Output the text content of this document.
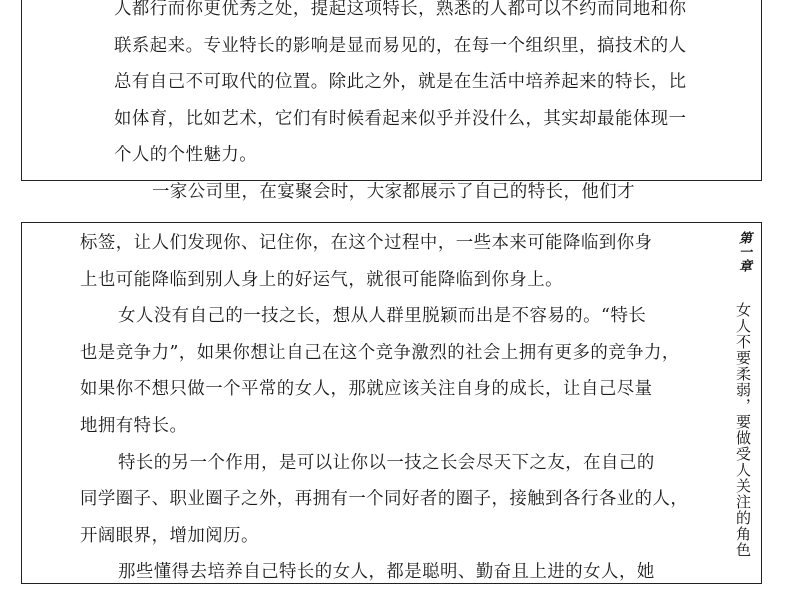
人都行而你更优秀之处，提起这项特长，熟悉的人都可以不约而同地和你
联系起来。专业特长的影响是显而易见的，在每一个组织里，搞技术的人
总有自己不可取代的位置。除此之外，就是在生活中培养起来的特长，比
如体育，比如艺术，它们有时候看起来似乎并没什么，其实却最能体现一
个人的个性魅力。
一家公司里，在宴聚会时，大家都展示了自己的特长，他们才
标签，让人们发现你、记住你，在这个过程中，一些本来可能降临到你身
上也可能降临到别人身上的好运气，就很可能降临到你身上。
女人没有自己的一技之长，想从人群里脱颖而出是不容易的。“特长
也是竞争力”，如果你想让自己在这个竞争激烈的社会上拥有更多的竞争力，
如果你不想只做一个平常的女人，那就应该关注自身的成长，让自己尽量
地拥有特长。
特长的另一个作用，是可以让你以一技之长会尽天下之友，在自己的
同学圈子、职业圈子之外，再拥有一个同好者的圈子，接触到各行各业的人，
开阔眼界，增加阅历。
那些懂得去培养自己特长的女人，都是聪明、勤奋且上进的女人，她
第一章 女人不要柔弱，要做受人关注的角色
